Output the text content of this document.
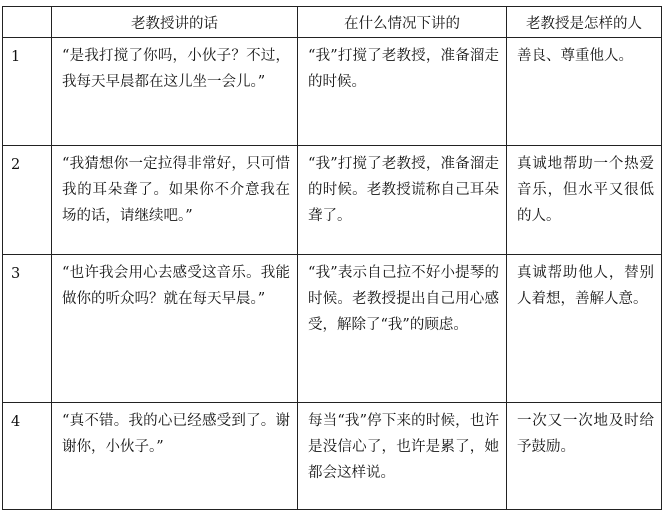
	老教授讲的话	在什么情况下讲的	老教授是怎样的人
1	“是我打搅了你吗，小伙子？不过，我每天早晨都在这儿坐一会儿。”	“我”打搅了老教授，准备溜走的时候。	善良、尊重他人。

2	“我猜想你一定拉得非常好，只可惜我的耳朵聋了。如果你不介意我在场的话，请继续吧。”	“我”打搅了老教授，准备溜走的时候。老教授谎称自己耳朵聋了。	真诚地帮助一个热爱音乐，但水平又很低的人。

3	“也许我会用心去感受这音乐。我能做你的听众吗？就在每天早晨。”	“我”表示自己拉不好小提琴的时候。老教授提出自己用心感受，解除了“我”的顾虑。	真诚帮助他人，替别人着想，善解人意。

4	“真不错。我的心已经感受到了。谢谢你，小伙子。”	每当“我”停下来的时候，也许是没信心了，也许是累了，她都会这样说。	一次又一次地及时给予鼓励。
